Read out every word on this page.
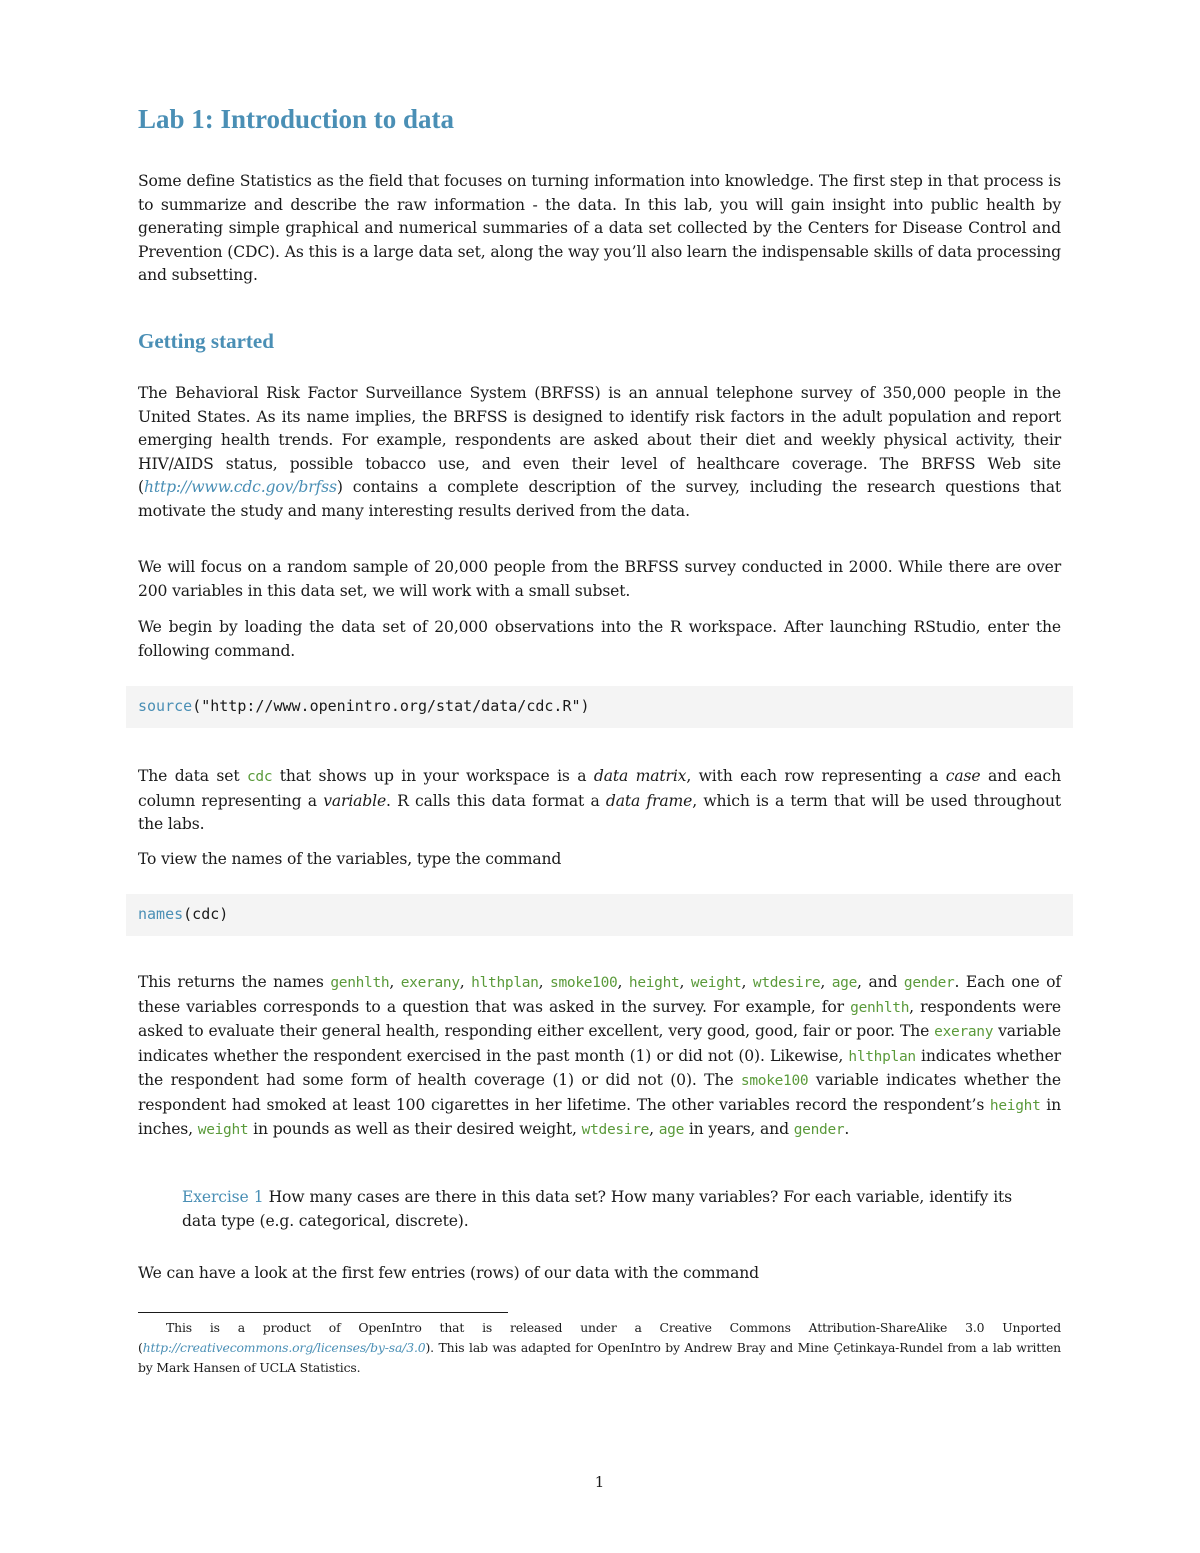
Lab 1: Introduction to data

Some define Statistics as the field that focuses on turning information into knowledge. The first step in that process is to summarize and describe the raw information - the data. In this lab, you will gain insight into public health by generating simple graphical and numerical summaries of a data set collected by the Centers for Disease Control and Prevention (CDC). As this is a large data set, along the way you’ll also learn the indispensable skills of data processing and subsetting.

Getting started

The Behavioral Risk Factor Surveillance System (BRFSS) is an annual telephone survey of 350,000 people in the United States. As its name implies, the BRFSS is designed to identify risk factors in the adult population and report emerging health trends. For example, respondents are asked about their diet and weekly physical activity, their HIV/AIDS status, possible tobacco use, and even their level of healthcare coverage. The BRFSS Web site (http://www.cdc.gov/brfss) contains a complete description of the survey, including the research questions that motivate the study and many interesting results derived from the data.

We will focus on a random sample of 20,000 people from the BRFSS survey conducted in 2000. While there are over 200 variables in this data set, we will work with a small subset.

We begin by loading the data set of 20,000 observations into the R workspace. After launching RStudio, enter the following command.

source("http://www.openintro.org/stat/data/cdc.R")

The data set cdc that shows up in your workspace is a data matrix, with each row representing a case and each column representing a variable. R calls this data format a data frame, which is a term that will be used throughout the labs.

To view the names of the variables, type the command

names(cdc)

This returns the names genhlth, exerany, hlthplan, smoke100, height, weight, wtdesire, age, and gender. Each one of these variables corresponds to a question that was asked in the survey. For example, for genhlth, respondents were asked to evaluate their general health, responding either excellent, very good, good, fair or poor. The exerany variable indicates whether the respondent exercised in the past month (1) or did not (0). Likewise, hlthplan indicates whether the respondent had some form of health coverage (1) or did not (0). The smoke100 variable indicates whether the respondent had smoked at least 100 cigarettes in her lifetime. The other variables record the respondent’s height in inches, weight in pounds as well as their desired weight, wtdesire, age in years, and gender.

Exercise 1 How many cases are there in this data set? How many variables? For each variable, identify its data type (e.g. categorical, discrete).

We can have a look at the first few entries (rows) of our data with the command

This is a product of OpenIntro that is released under a Creative Commons Attribution-ShareAlike 3.0 Unported (http://creativecommons.org/licenses/by-sa/3.0). This lab was adapted for OpenIntro by Andrew Bray and Mine Çetinkaya-Rundel from a lab written by Mark Hansen of UCLA Statistics.

1
